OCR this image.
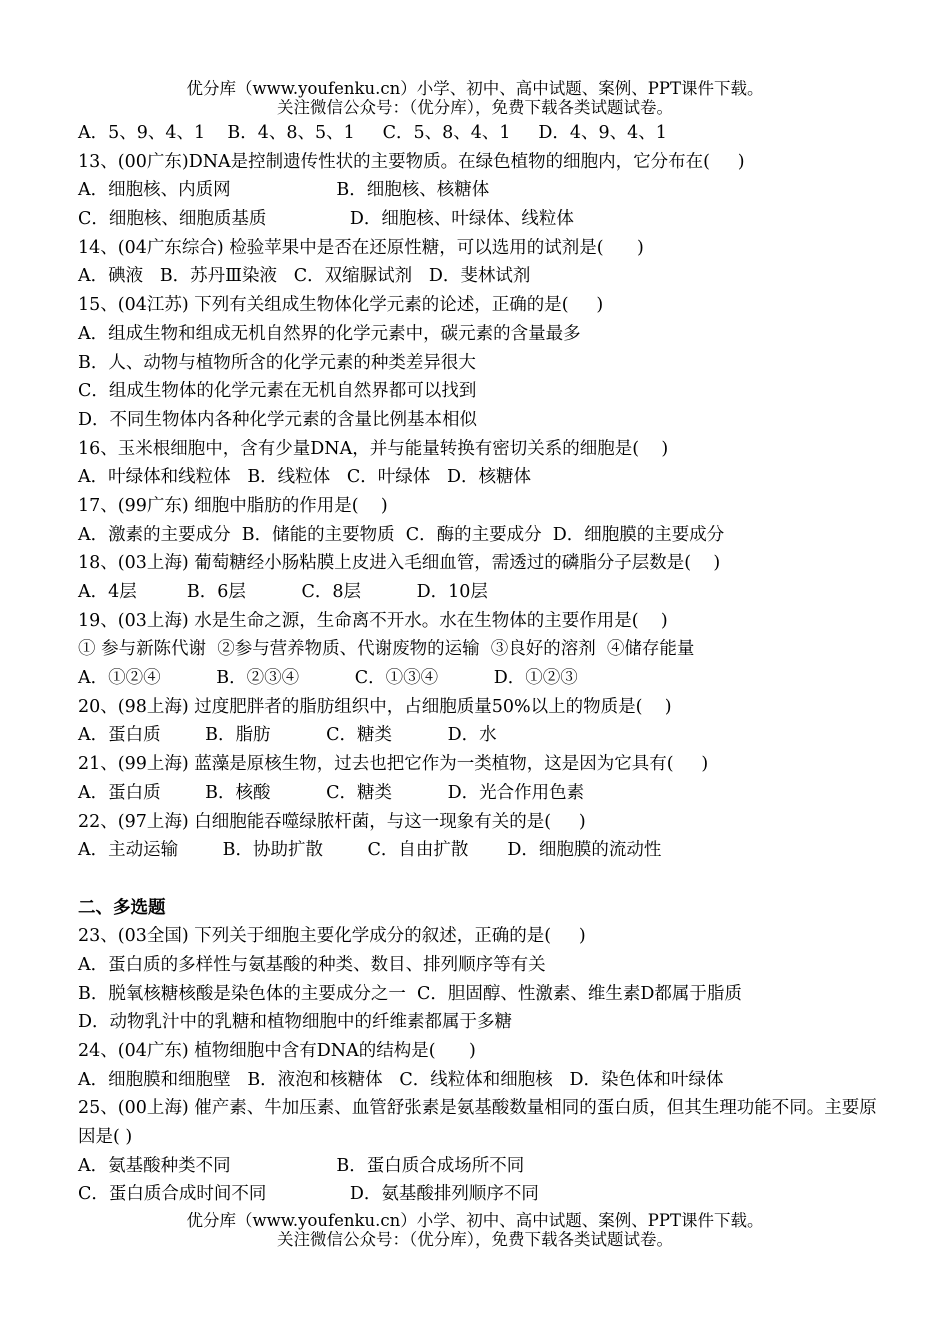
优分库（www.youfenku.cn）小学、初中、高中试题、案例、PPT课件下载。
关注微信公众号：（优分库），免费下载各类试题试卷。
A．5、9、4、1    B．4、8、5、1     C．5、8、4、1     D．4、9、4、1
13、(00广东)DNA是控制遗传性状的主要物质。在绿色植物的细胞内，它分布在(     )
A．细胞核、内质网                   B．细胞核、核糖体
C．细胞核、细胞质基质               D．细胞核、叶绿体、线粒体
14、(04广东综合) 检验苹果中是否在还原性糖，可以选用的试剂是(      )
A．碘液   B．苏丹Ⅲ染液   C．双缩脲试剂   D．斐林试剂
15、(04江苏) 下列有关组成生物体化学元素的论述，正确的是(     )
A．组成生物和组成无机自然界的化学元素中，碳元素的含量最多
B．人、动物与植物所含的化学元素的种类差异很大
C．组成生物体的化学元素在无机自然界都可以找到
D．不同生物体内各种化学元素的含量比例基本相似
16、玉米根细胞中，含有少量DNA，并与能量转换有密切关系的细胞是(    )
A．叶绿体和线粒体   B．线粒体   C．叶绿体   D．核糖体
17、(99广东) 细胞中脂肪的作用是(    )
A．激素的主要成分  B．储能的主要物质  C．酶的主要成分  D．细胞膜的主要成分
18、(03上海) 葡萄糖经小肠粘膜上皮进入毛细血管，需透过的磷脂分子层数是(    )
A．4层         B．6层          C．8层          D．10层
19、(03上海) 水是生命之源，生命离不开水。水在生物体的主要作用是(    )
① 参与新陈代谢  ②参与营养物质、代谢废物的运输  ③良好的溶剂  ④储存能量
A．①②④          B．②③④          C．①③④          D．①②③
20、(98上海) 过度肥胖者的脂肪组织中，占细胞质量50%以上的物质是(    )
A．蛋白质        B．脂肪          C．糖类          D．水
21、(99上海) 蓝藻是原核生物，过去也把它作为一类植物，这是因为它具有(     )
A．蛋白质        B．核酸          C．糖类          D．光合作用色素
22、(97上海) 白细胞能吞噬绿脓杆菌，与这一现象有关的是(     )
A．主动运输        B．协助扩散        C．自由扩散       D．细胞膜的流动性
二、多选题
23、(03全国) 下列关于细胞主要化学成分的叙述，正确的是(     )
A．蛋白质的多样性与氨基酸的种类、数目、排列顺序等有关
B．脱氧核糖核酸是染色体的主要成分之一  C．胆固醇、性激素、维生素D都属于脂质
D．动物乳汁中的乳糖和植物细胞中的纤维素都属于多糖
24、(04广东) 植物细胞中含有DNA的结构是(      )
A．细胞膜和细胞壁   B．液泡和核糖体   C．线粒体和细胞核   D．染色体和叶绿体
25、(00上海) 催产素、牛加压素、血管舒张素是氨基酸数量相同的蛋白质，但其生理功能不同。主要原因是( )
A．氨基酸种类不同                   B．蛋白质合成场所不同
C．蛋白质合成时间不同               D．氨基酸排列顺序不同
优分库（www.youfenku.cn）小学、初中、高中试题、案例、PPT课件下载。
关注微信公众号：（优分库），免费下载各类试题试卷。
